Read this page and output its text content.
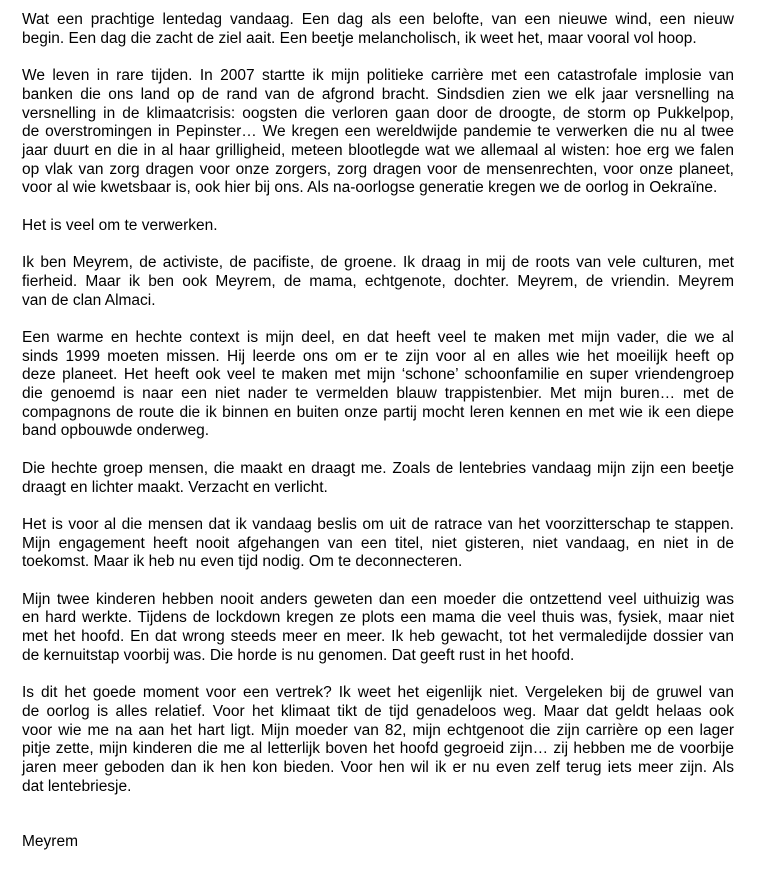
Wat een prachtige lentedag vandaag. Een dag als een belofte, van een nieuwe wind, een nieuw
begin. Een dag die zacht de ziel aait. Een beetje melancholisch, ik weet het, maar vooral vol hoop.
We leven in rare tijden. In 2007 startte ik mijn politieke carrière met een catastrofale implosie van
banken die ons land op de rand van de afgrond bracht. Sindsdien zien we elk jaar versnelling na
versnelling in de klimaatcrisis: oogsten die verloren gaan door de droogte, de storm op Pukkelpop,
de overstromingen in Pepinster… We kregen een wereldwijde pandemie te verwerken die nu al twee
jaar duurt en die in al haar grilligheid, meteen blootlegde wat we allemaal al wisten: hoe erg we falen
op vlak van zorg dragen voor onze zorgers, zorg dragen voor de mensenrechten, voor onze planeet,
voor al wie kwetsbaar is, ook hier bij ons. Als na-oorlogse generatie kregen we de oorlog in Oekraïne.
Het is veel om te verwerken.
Ik ben Meyrem, de activiste, de pacifiste, de groene. Ik draag in mij de roots van vele culturen, met
fierheid. Maar ik ben ook Meyrem, de mama, echtgenote, dochter. Meyrem, de vriendin. Meyrem
van de clan Almaci.
Een warme en hechte context is mijn deel, en dat heeft veel te maken met mijn vader, die we al
sinds 1999 moeten missen. Hij leerde ons om er te zijn voor al en alles wie het moeilijk heeft op
deze planeet. Het heeft ook veel te maken met mijn ‘schone’ schoonfamilie en super vriendengroep
die genoemd is naar een niet nader te vermelden blauw trappistenbier. Met mijn buren… met de
compagnons de route die ik binnen en buiten onze partij mocht leren kennen en met wie ik een diepe
band opbouwde onderweg.
Die hechte groep mensen, die maakt en draagt me. Zoals de lentebries vandaag mijn zijn een beetje
draagt en lichter maakt. Verzacht en verlicht.
Het is voor al die mensen dat ik vandaag beslis om uit de ratrace van het voorzitterschap te stappen.
Mijn engagement heeft nooit afgehangen van een titel, niet gisteren, niet vandaag, en niet in de
toekomst. Maar ik heb nu even tijd nodig. Om te deconnecteren.
Mijn twee kinderen hebben nooit anders geweten dan een moeder die ontzettend veel uithuizig was
en hard werkte. Tijdens de lockdown kregen ze plots een mama die veel thuis was, fysiek, maar niet
met het hoofd. En dat wrong steeds meer en meer. Ik heb gewacht, tot het vermaledijde dossier van
de kernuitstap voorbij was. Die horde is nu genomen. Dat geeft rust in het hoofd.
Is dit het goede moment voor een vertrek? Ik weet het eigenlijk niet. Vergeleken bij de gruwel van
de oorlog is alles relatief. Voor het klimaat tikt de tijd genadeloos weg. Maar dat geldt helaas ook
voor wie me na aan het hart ligt. Mijn moeder van 82, mijn echtgenoot die zijn carrière op een lager
pitje zette, mijn kinderen die me al letterlijk boven het hoofd gegroeid zijn… zij hebben me de voorbije
jaren meer geboden dan ik hen kon bieden. Voor hen wil ik er nu even zelf terug iets meer zijn. Als
dat lentebriesje.
Meyrem
